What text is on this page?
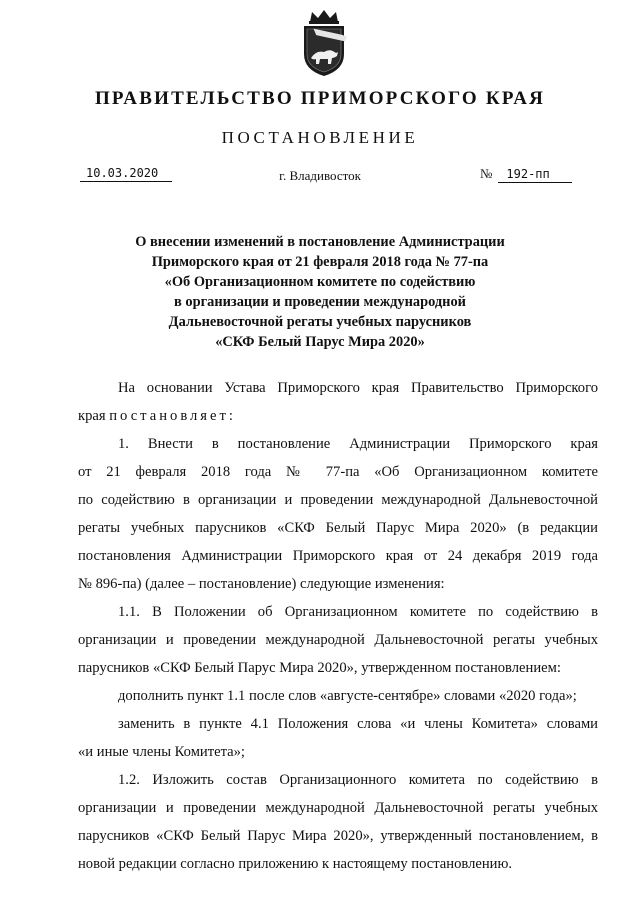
ПРАВИТЕЛЬСТВО ПРИМОРСКОГО КРАЯ
ПОСТАНОВЛЕНИЕ
10.03.2020	г. Владивосток	№ 192-пп
О внесении изменений в постановление Администрации
Приморского края от 21 февраля 2018 года № 77-па
«Об Организационном комитете по содействию
в организации и проведении международной
Дальневосточной регаты учебных парусников
«СКФ Белый Парус Мира 2020»
На основании Устава Приморского края Правительство Приморского
края постановляет:
1. Внести в постановление Администрации Приморского края
от 21 февраля 2018 года № 77-па «Об Организационном комитете
по содействию в организации и проведении международной Дальневосточной
регаты учебных парусников «СКФ Белый Парус Мира 2020» (в редакции
постановления Администрации Приморского края от 24 декабря 2019 года
№ 896-па) (далее – постановление) следующие изменения:
1.1. В Положении об Организационном комитете по содействию в
организации и проведении международной Дальневосточной регаты учебных
парусников «СКФ Белый Парус Мира 2020», утвержденном постановлением:
дополнить пункт 1.1 после слов «августе-сентябре» словами «2020 года»;
заменить в пункте 4.1 Положения слова «и члены Комитета» словами
«и иные члены Комитета»;
1.2. Изложить состав Организационного комитета по содействию в
организации и проведении международной Дальневосточной регаты учебных
парусников «СКФ Белый Парус Мира 2020», утвержденный постановлением, в
новой редакции согласно приложению к настоящему постановлению.
